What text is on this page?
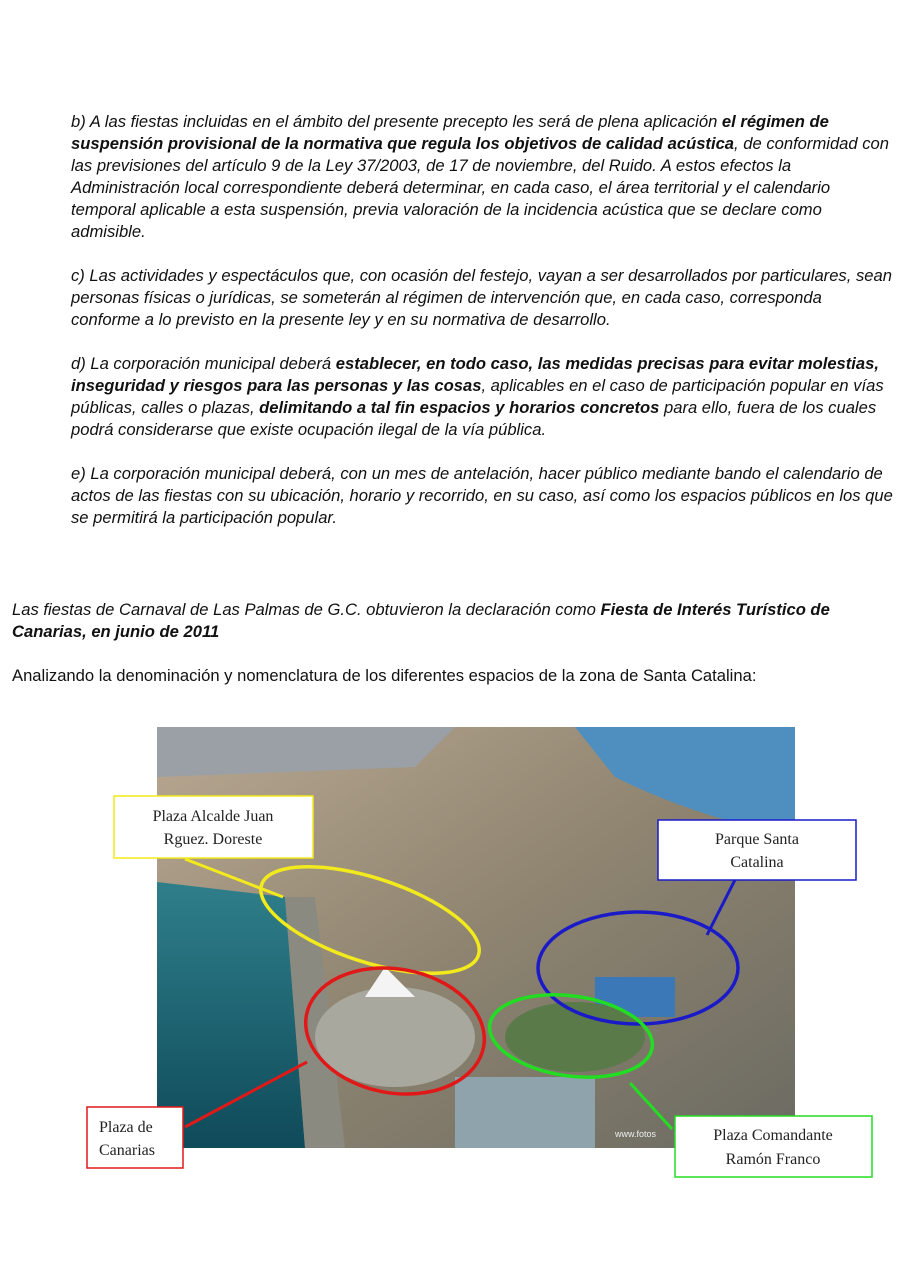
b) A las fiestas incluidas en el ámbito del presente precepto les será de plena aplicación el régimen de suspensión provisional de la normativa que regula los objetivos de calidad acústica, de conformidad con las previsiones del artículo 9 de la Ley 37/2003, de 17 de noviembre, del Ruido. A estos efectos la Administración local correspondiente deberá determinar, en cada caso, el área territorial y el calendario temporal aplicable a esta suspensión, previa valoración de la incidencia acústica que se declare como admisible.

c) Las actividades y espectáculos que, con ocasión del festejo, vayan a ser desarrollados por particulares, sean personas físicas o jurídicas, se someterán al régimen de intervención que, en cada caso, corresponda conforme a lo previsto en la presente ley y en su normativa de desarrollo.

d) La corporación municipal deberá establecer, en todo caso, las medidas precisas para evitar molestias, inseguridad y riesgos para las personas y las cosas, aplicables en el caso de participación popular en vías públicas, calles o plazas, delimitando a tal fin espacios y horarios concretos para ello, fuera de los cuales podrá considerarse que existe ocupación ilegal de la vía pública.

e) La corporación municipal deberá, con un mes de antelación, hacer público mediante bando el calendario de actos de las fiestas con su ubicación, horario y recorrido, en su caso, así como los espacios públicos en los que se permitirá la participación popular.

Las fiestas de Carnaval de Las Palmas de G.C. obtuvieron la declaración como Fiesta de Interés Turístico de Canarias, en junio de 2011

Analizando la denominación y nomenclatura de los diferentes espacios de la zona de Santa Catalina:

www.fotos
Plaza Alcalde Juan
Rguez. Doreste	Parque Santa
Catalina
Plaza de
Canarias
Plaza Comandante
Ramón Franco
